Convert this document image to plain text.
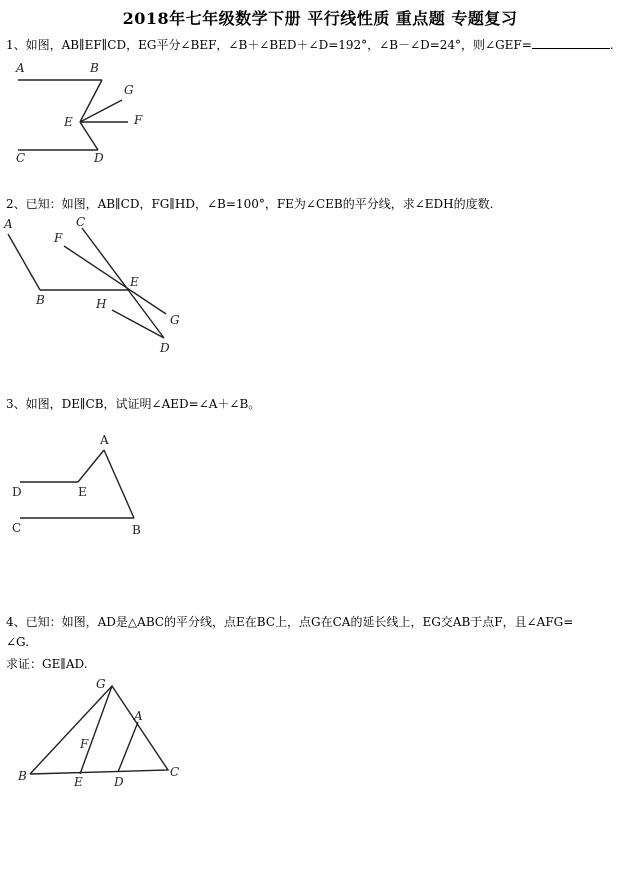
2018年七年级数学下册 平行线性质 重点题 专题复习
1、如图，AB∥EF∥CD，EG平分∠BEF，∠B＋∠BED＋∠D=192°，∠B－∠D=24°，则∠GEF=	.
A	B
G
E	F
C	D
2、已知：如图，AB∥CD，FG∥HD，∠B=100°，FE为∠CEB的平分线，求∠EDH的度数.
A	C
F
E
H
B
G
D
3、如图，DE∥CB，试证明∠AED=∠A＋∠B。
A
D	E
C	B
4、已知：如图，AD是△ABC的平分线，点E在BC上，点G在CA的延长线上，EG交AB于点F，且∠AFG=
∠G.
求证：GE∥AD.
G
A
F
B	E	D
C
